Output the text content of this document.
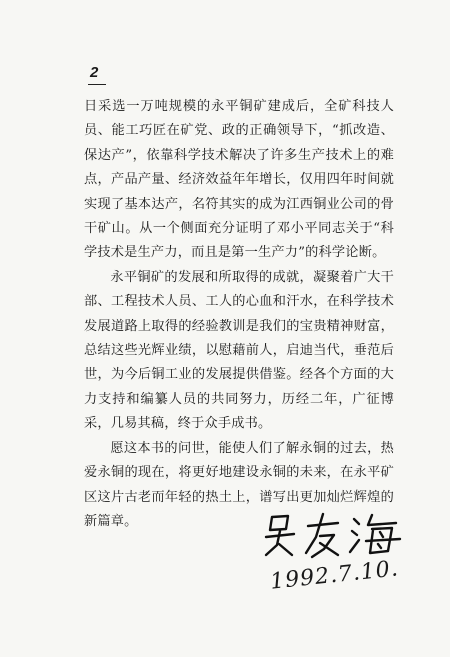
2

日采选一万吨规模的永平铜矿建成后，全矿科技人员、能工巧匠在矿党、政的正确领导下，“抓改造、保达产”，依靠科学技术解决了许多生产技术上的难点，产品产量、经济效益年年增长，仅用四年时间就实现了基本达产，名符其实的成为江西铜业公司的骨干矿山。从一个侧面充分证明了邓小平同志关于“科学技术是生产力，而且是第一生产力”的科学论断。

永平铜矿的发展和所取得的成就，凝聚着广大干部、工程技术人员、工人的心血和汗水，在科学技术发展道路上取得的经验教训是我们的宝贵精神财富，总结这些光辉业绩，以慰藉前人，启迪当代，垂范后世，为今后铜工业的发展提供借鉴。经各个方面的大力支持和编纂人员的共同努力，历经二年，广征博采，几易其稿，终于众手成书。

愿这本书的问世，能使人们了解永铜的过去，热爱永铜的现在，将更好地建设永铜的未来，在永平矿区这片古老而年轻的热土上，谱写出更加灿烂辉煌的新篇章。

1992.7.10.
